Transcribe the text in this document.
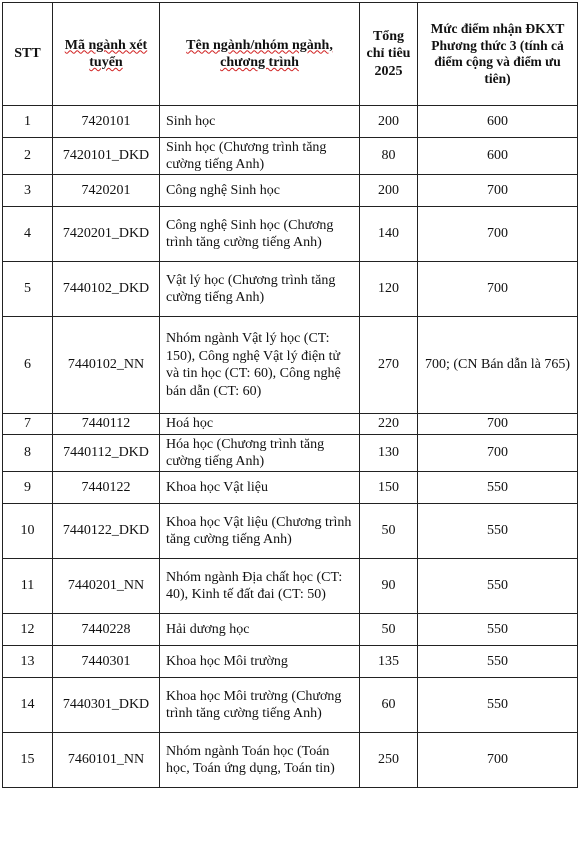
STT	Mã ngành xét tuyển	Tên ngành/nhóm ngành, chương trình	Tổng chỉ tiêu 2025	Mức điểm nhận ĐKXT Phương thức 3 (tính cả điểm cộng và điểm ưu tiên)
1	7420101	Sinh học	200	600
2	7420101_DKD	Sinh học (Chương trình tăng cường tiếng Anh)	80	600
3	7420201	Công nghệ Sinh học	200	700
4	7420201_DKD	Công nghệ Sinh học (Chương trình tăng cường tiếng Anh)	140	700
5	7440102_DKD	Vật lý học (Chương trình tăng cường tiếng Anh)	120	700
6	7440102_NN	Nhóm ngành Vật lý học (CT: 150), Công nghệ Vật lý điện tử và tin học (CT: 60), Công nghệ bán dẫn (CT: 60)	270	700; (CN Bán dẫn là 765)
7	7440112	Hoá học	220	700
8	7440112_DKD	Hóa học (Chương trình tăng cường tiếng Anh)	130	700
9	7440122	Khoa học Vật liệu	150	550
10	7440122_DKD	Khoa học Vật liệu (Chương trình tăng cường tiếng Anh)	50	550
11	7440201_NN	Nhóm ngành Địa chất học (CT: 40), Kinh tế đất đai (CT: 50)	90	550
12	7440228	Hải dương học	50	550
13	7440301	Khoa học Môi trường	135	550
14	7440301_DKD	Khoa học Môi trường (Chương trình tăng cường tiếng Anh)	60	550
15	7460101_NN	Nhóm ngành Toán học (Toán học, Toán ứng dụng, Toán tin)	250	700
